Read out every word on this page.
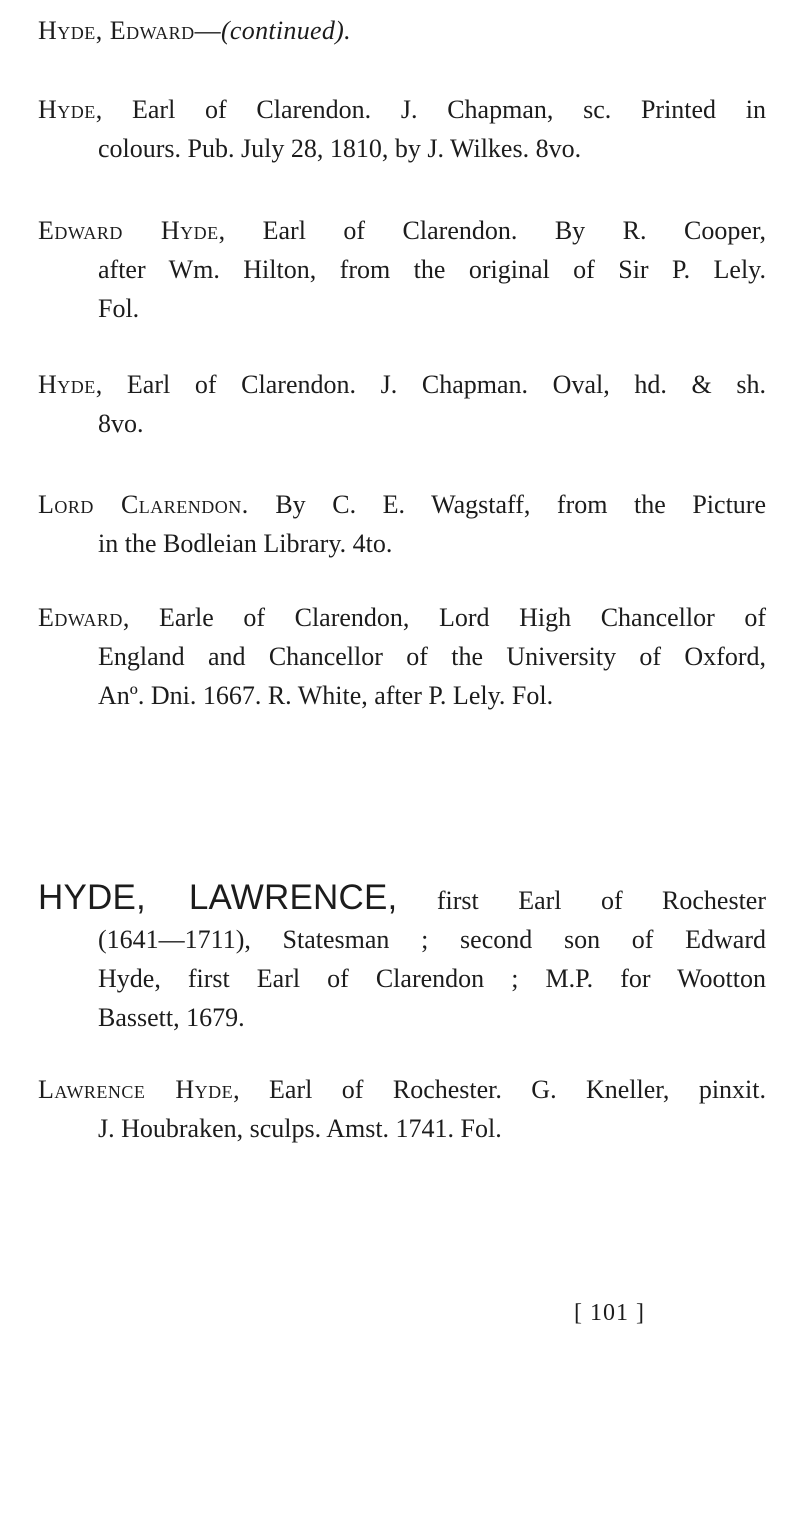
Hyde, Edward—(continued).
Hyde, Earl of Clarendon. J. Chapman, sc. Printed in
colours. Pub. July 28, 1810, by J. Wilkes. 8vo.
Edward Hyde, Earl of Clarendon. By R. Cooper,
after Wm. Hilton, from the original of Sir P. Lely.
Fol.
Hyde, Earl of Clarendon. J. Chapman. Oval, hd. & sh.
8vo.
Lord Clarendon. By C. E. Wagstaff, from the Picture
in the Bodleian Library. 4to.
Edward, Earle of Clarendon, Lord High Chancellor of
England and Chancellor of the University of Oxford,
Anº. Dni. 1667. R. White, after P. Lely. Fol.
HYDE, LAWRENCE, first Earl of Rochester
(1641—1711), Statesman ; second son of Edward
Hyde, first Earl of Clarendon ; M.P. for Wootton
Bassett, 1679.
Lawrence Hyde, Earl of Rochester. G. Kneller, pinxit.
J. Houbraken, sculps. Amst. 1741. Fol.
[ 101 ]
